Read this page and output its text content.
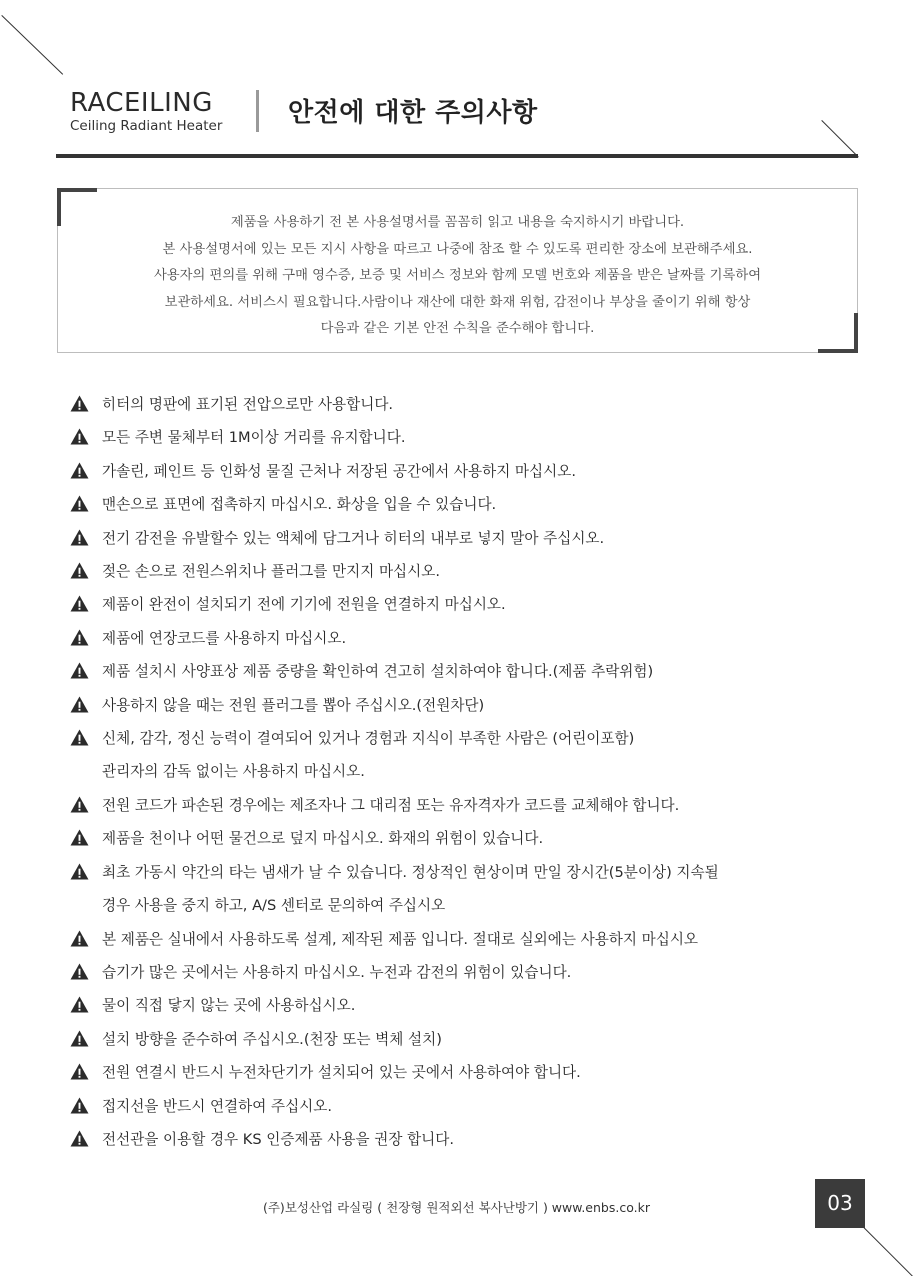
RACEILING
Ceiling Radiant Heater	안전에 대한 주의사항
제품을 사용하기 전 본 사용설명서를 꼼꼼히 읽고 내용을 숙지하시기 바랍니다.
본 사용설명서에 있는 모든 지시 사항을 따르고 나중에 참조 할 수 있도록 편리한 장소에 보관해주세요.
사용자의 편의를 위해 구매 영수증, 보증 및 서비스 정보와 함께 모델 번호와 제품을 받은 날짜를 기록하여
보관하세요. 서비스시 필요합니다.사람이나 재산에 대한 화재 위험, 감전이나 부상을 줄이기 위해 항상
다음과 같은 기본 안전 수칙을 준수해야 합니다.
히터의 명판에 표기된 전압으로만 사용합니다.
모든 주변 물체부터 1M이상 거리를 유지합니다.
가솔린, 페인트 등 인화성 물질 근처나 저장된 공간에서 사용하지 마십시오.
맨손으로 표면에 접촉하지 마십시오. 화상을 입을 수 있습니다.
전기 감전을 유발할수 있는 액체에 담그거나 히터의 내부로 넣지 말아 주십시오.
젖은 손으로 전원스위치나 플러그를 만지지 마십시오.
제품이 완전이 설치되기 전에 기기에 전원을 연결하지 마십시오.
제품에 연장코드를 사용하지 마십시오.
제품 설치시 사양표상 제품 중량을 확인하여 견고히 설치하여야 합니다.(제품 추락위험)
사용하지 않을 때는 전원 플러그를 뽑아 주십시오.(전원차단)
신체, 감각, 정신 능력이 결여되어 있거나 경험과 지식이 부족한 사람은 (어린이포함)
관리자의 감독 없이는 사용하지 마십시오.
전원 코드가 파손된 경우에는 제조자나 그 대리점 또는 유자격자가 코드를 교체해야 합니다.
제품을 천이나 어떤 물건으로 덮지 마십시오. 화재의 위험이 있습니다.
최초 가동시 약간의 타는 냄새가 날 수 있습니다. 정상적인 현상이며 만일 장시간(5분이상) 지속될
경우 사용을 중지 하고, A/S 센터로 문의하여 주십시오
본 제품은 실내에서 사용하도록 설계, 제작된 제품 입니다. 절대로 실외에는 사용하지 마십시오
습기가 많은 곳에서는 사용하지 마십시오. 누전과 감전의 위험이 있습니다.
물이 직접 닿지 않는 곳에 사용하십시오.
설치 방향을 준수하여 주십시오.(천장 또는 벽체 설치)
전원 연결시 반드시 누전차단기가 설치되어 있는 곳에서 사용하여야 합니다.
접지선을 반드시 연결하여 주십시오.
전선관을 이용할 경우 KS 인증제품 사용을 권장 합니다.
(주)보성산업 라실링 ( 천장형 원적외선 복사난방기 ) www.enbs.co.kr	03
